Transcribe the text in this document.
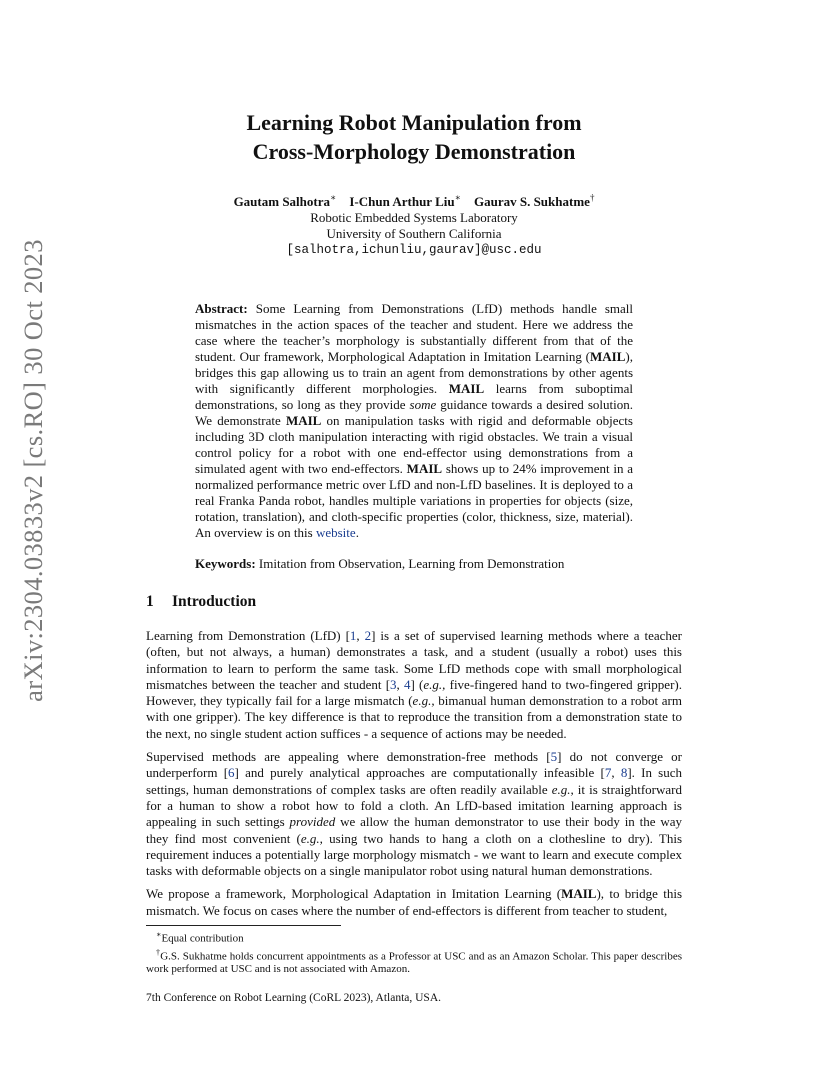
arXiv:2304.03833v2 [cs.RO] 30 Oct 2023
Learning Robot Manipulation from
Cross-Morphology Demonstration
Gautam Salhotra∗ I-Chun Arthur Liu∗ Gaurav S. Sukhatme†
Robotic Embedded Systems Laboratory
University of Southern California
[salhotra,ichunliu,gaurav]@usc.edu
Abstract: Some Learning from Demonstrations (LfD) methods handle small mismatches in the action spaces of the teacher and student. Here we address the case where the teacher’s morphology is substantially different from that of the student. Our framework, Morphological Adaptation in Imitation Learning (MAIL), bridges this gap allowing us to train an agent from demonstrations by other agents with significantly different morphologies. MAIL learns from suboptimal demonstrations, so long as they provide some guidance towards a desired solution. We demonstrate MAIL on manipulation tasks with rigid and deformable objects including 3D cloth manipulation interacting with rigid obstacles. We train a visual control policy for a robot with one end-effector using demonstrations from a simulated agent with two end-effectors. MAIL shows up to 24% improvement in a normalized performance metric over LfD and non-LfD baselines. It is deployed to a real Franka Panda robot, handles multiple variations in properties for objects (size, rotation, translation), and cloth-specific properties (color, thickness, size, material). An overview is on this website.
Keywords: Imitation from Observation, Learning from Demonstration
1 Introduction

Learning from Demonstration (LfD) [1, 2] is a set of supervised learning methods where a teacher (often, but not always, a human) demonstrates a task, and a student (usually a robot) uses this information to learn to perform the same task. Some LfD methods cope with small morphological mismatches between the teacher and student [3, 4] (e.g., five-fingered hand to two-fingered gripper). However, they typically fail for a large mismatch (e.g., bimanual human demonstration to a robot arm with one gripper). The key difference is that to reproduce the transition from a demonstration state to the next, no single student action suffices - a sequence of actions may be needed.

Supervised methods are appealing where demonstration-free methods [5] do not converge or underperform [6] and purely analytical approaches are computationally infeasible [7, 8]. In such settings, human demonstrations of complex tasks are often readily available e.g., it is straightforward for a human to show a robot how to fold a cloth. An LfD-based imitation learning approach is appealing in such settings provided we allow the human demonstrator to use their body in the way they find most convenient (e.g., using two hands to hang a cloth on a clothesline to dry). This requirement induces a potentially large morphology mismatch - we want to learn and execute complex tasks with deformable objects on a single manipulator robot using natural human demonstrations.

We propose a framework, Morphological Adaptation in Imitation Learning (MAIL), to bridge this mismatch. We focus on cases where the number of end-effectors is different from teacher to student,

∗Equal contribution

†G.S. Sukhatme holds concurrent appointments as a Professor at USC and as an Amazon Scholar. This paper describes work performed at USC and is not associated with Amazon.

7th Conference on Robot Learning (CoRL 2023), Atlanta, USA.
